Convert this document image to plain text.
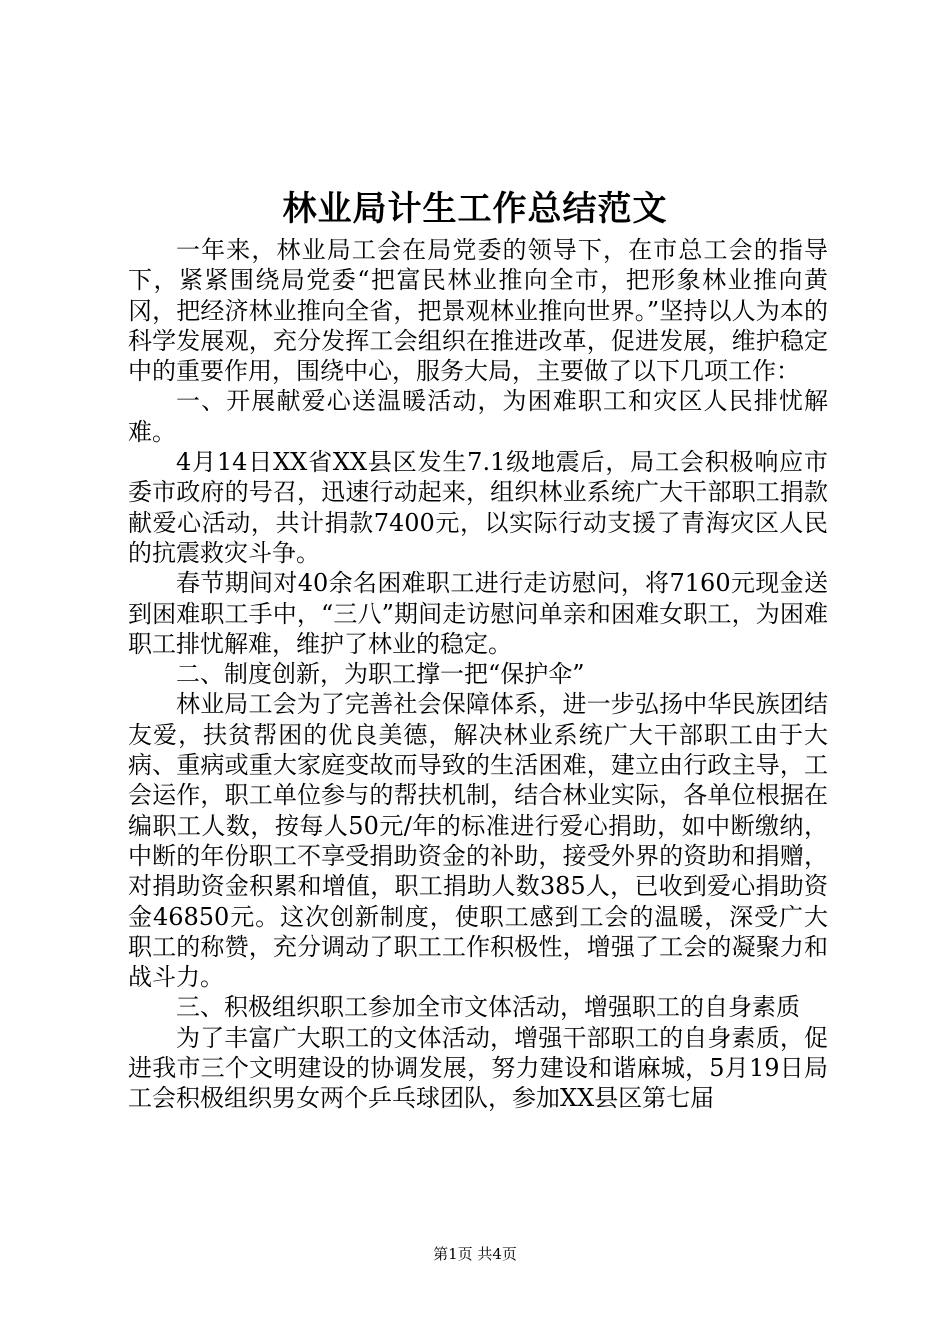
林业局计生工作总结范文

一年来，林业局工会在局党委的领导下，在市总工会的指导下，紧紧围绕局党委“把富民林业推向全市，把形象林业推向黄冈，把经济林业推向全省，把景观林业推向世界。”坚持以人为本的科学发展观，充分发挥工会组织在推进改革，促进发展，维护稳定中的重要作用，围绕中心，服务大局，主要做了以下几项工作：

一、开展献爱心送温暖活动，为困难职工和灾区人民排忧解难。

4月14日XX省XX县区发生7.1级地震后，局工会积极响应市委市政府的号召，迅速行动起来，组织林业系统广大干部职工捐款献爱心活动，共计捐款7400元，以实际行动支援了青海灾区人民的抗震救灾斗争。

春节期间对40余名困难职工进行走访慰问，将7160元现金送到困难职工手中，“三八”期间走访慰问单亲和困难女职工，为困难职工排忧解难，维护了林业的稳定。

二、制度创新，为职工撑一把“保护伞”

林业局工会为了完善社会保障体系，进一步弘扬中华民族团结友爱，扶贫帮困的优良美德，解决林业系统广大干部职工由于大病、重病或重大家庭变故而导致的生活困难，建立由行政主导，工会运作，职工单位参与的帮扶机制，结合林业实际，各单位根据在编职工人数，按每人50元/年的标准进行爱心捐助，如中断缴纳，中断的年份职工不享受捐助资金的补助，接受外界的资助和捐赠，对捐助资金积累和增值，职工捐助人数385人，已收到爱心捐助资金46850元。这次创新制度，使职工感到工会的温暖，深受广大职工的称赞，充分调动了职工工作积极性，增强了工会的凝聚力和战斗力。

三、积极组织职工参加全市文体活动，增强职工的自身素质

为了丰富广大职工的文体活动，增强干部职工的自身素质，促进我市三个文明建设的协调发展，努力建设和谐麻城，5月19日局工会积极组织男女两个乒乓球团队，参加XX县区第七届

第1页 共4页
